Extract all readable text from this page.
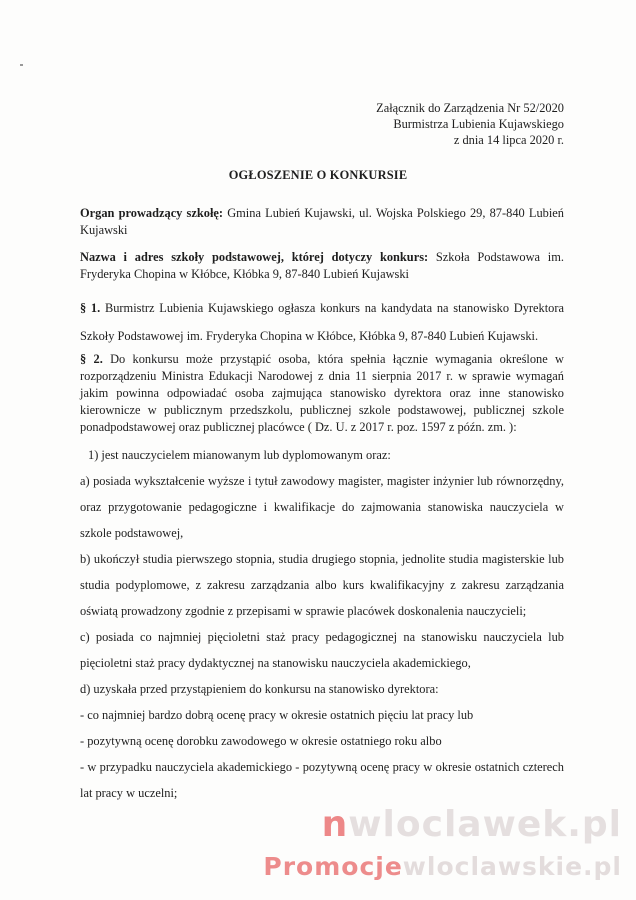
Załącznik do Zarządzenia Nr 52/2020
Burmistrza Lubienia Kujawskiego
z dnia 14 lipca 2020 r.
OGŁOSZENIE O KONKURSIE
Organ prowadzący szkołę: Gmina Lubień Kujawski, ul. Wojska Polskiego 29, 87-840 Lubień Kujawski
Nazwa i adres szkoły podstawowej, której dotyczy konkurs: Szkoła Podstawowa im. Fryderyka Chopina w Kłóbce, Kłóbka 9, 87-840 Lubień Kujawski
§ 1. Burmistrz Lubienia Kujawskiego ogłasza konkurs na kandydata na stanowisko Dyrektora Szkoły Podstawowej im. Fryderyka Chopina w Kłóbce, Kłóbka 9, 87-840 Lubień Kujawski.
§ 2. Do konkursu może przystąpić osoba, która spełnia łącznie wymagania określone w rozporządzeniu Ministra Edukacji Narodowej z dnia 11 sierpnia 2017 r. w sprawie wymagań jakim powinna odpowiadać osoba zajmująca stanowisko dyrektora oraz inne stanowisko kierownicze w publicznym przedszkolu, publicznej szkole podstawowej, publicznej szkole ponadpodstawowej oraz publicznej placówce ( Dz. U. z 2017 r. poz. 1597 z późn. zm. ):

1) jest nauczycielem mianowanym lub dyplomowanym oraz:

a) posiada wykształcenie wyższe i tytuł zawodowy magister, magister inżynier lub równorzędny, oraz przygotowanie pedagogiczne i kwalifikacje do zajmowania stanowiska nauczyciela w szkole podstawowej,

b) ukończył studia pierwszego stopnia, studia drugiego stopnia, jednolite studia magisterskie lub studia podyplomowe, z zakresu zarządzania albo kurs kwalifikacyjny z zakresu zarządzania oświatą prowadzony zgodnie z przepisami w sprawie placówek doskonalenia nauczycieli;

c) posiada co najmniej pięcioletni staż pracy pedagogicznej na stanowisku nauczyciela lub pięcioletni staż pracy dydaktycznej na stanowisku nauczyciela akademickiego,

d) uzyskała przed przystąpieniem do konkursu na stanowisko dyrektora:

- co najmniej bardzo dobrą ocenę pracy w okresie ostatnich pięciu lat pracy lub

- pozytywną ocenę dorobku zawodowego w okresie ostatniego roku albo

- w przypadku nauczyciela akademickiego - pozytywną ocenę pracy w okresie ostatnich czterech lat pracy w uczelni;

nwloclawek.pl
Promocjewloclawskie.pl
